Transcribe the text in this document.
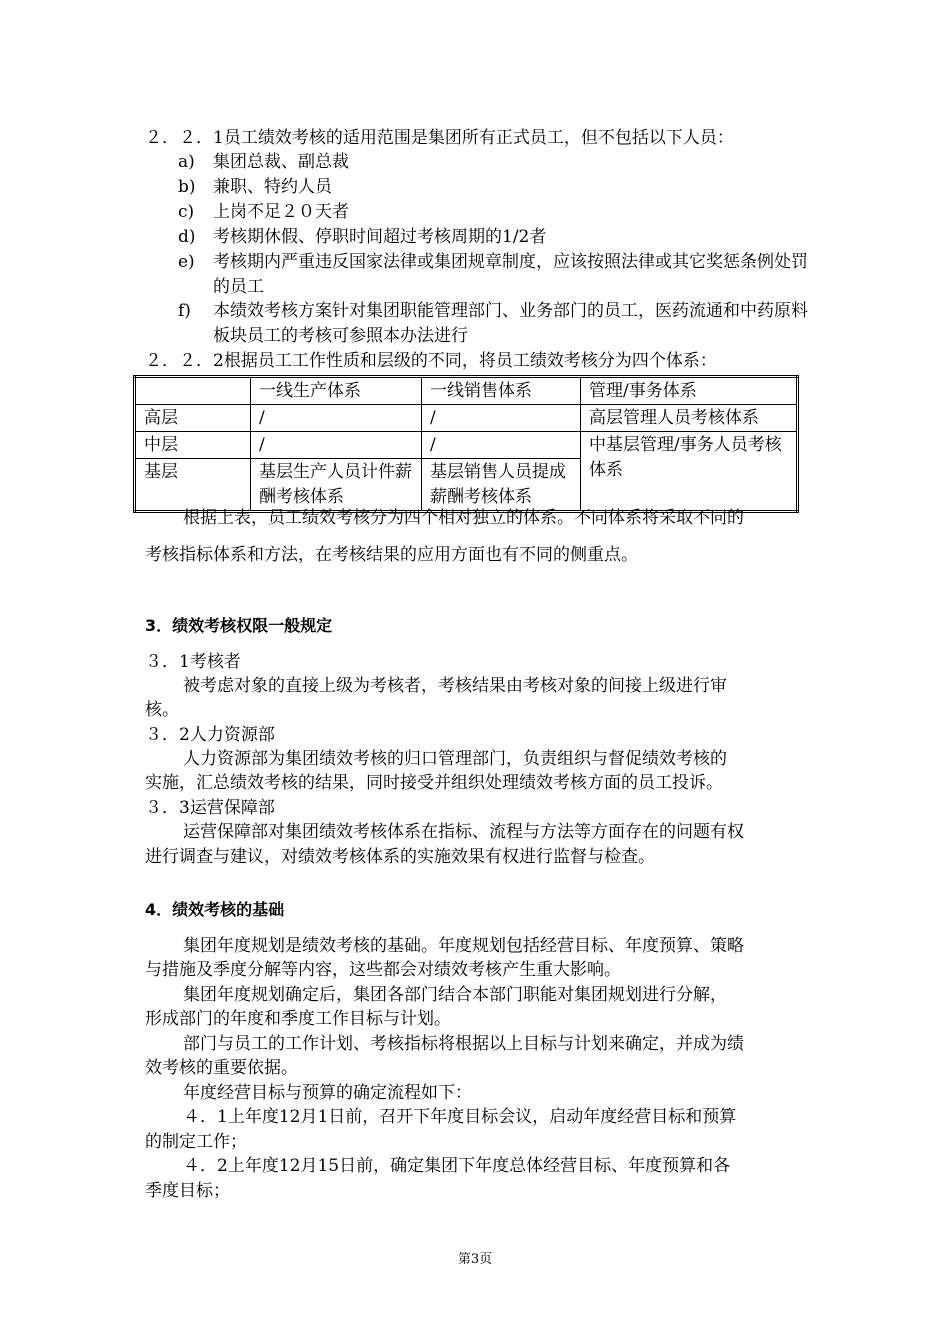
２．２．1员工绩效考核的适用范围是集团所有正式员工，但不包括以下人员：
a) 集团总裁、副总裁
b) 兼职、特约人员
c) 上岗不足２０天者
d) 考核期休假、停职时间超过考核周期的1/2者
e) 考核期内严重违反国家法律或集团规章制度，应该按照法律或其它奖惩条例处罚的员工
f) 本绩效考核方案针对集团职能管理部门、业务部门的员工，医药流通和中药原料板块员工的考核可参照本办法进行
２．２．2根据员工工作性质和层级的不同，将员工绩效考核分为四个体系：
	一线生产体系	一线销售体系	管理/事务体系
高层	/	/	高层管理人员考核体系
中层	/	/	中基层管理/事务人员考核体系
基层	基层生产人员计件薪酬考核体系	基层销售人员提成薪酬考核体系	
根据上表，员工绩效考核分为四个相对独立的体系。不同体系将采取不同的
考核指标体系和方法，在考核结果的应用方面也有不同的侧重点。
3．绩效考核权限一般规定
３．1考核者
被考虑对象的直接上级为考核者，考核结果由考核对象的间接上级进行审
核。
３．2人力资源部
人力资源部为集团绩效考核的归口管理部门，负责组织与督促绩效考核的
实施，汇总绩效考核的结果，同时接受并组织处理绩效考核方面的员工投诉。
３．3运营保障部
运营保障部对集团绩效考核体系在指标、流程与方法等方面存在的问题有权
进行调查与建议，对绩效考核体系的实施效果有权进行监督与检查。
4．绩效考核的基础
集团年度规划是绩效考核的基础。年度规划包括经营目标、年度预算、策略
与措施及季度分解等内容，这些都会对绩效考核产生重大影响。
集团年度规划确定后，集团各部门结合本部门职能对集团规划进行分解，
形成部门的年度和季度工作目标与计划。
部门与员工的工作计划、考核指标将根据以上目标与计划来确定，并成为绩
效考核的重要依据。
年度经营目标与预算的确定流程如下：
４．1上年度12月1日前，召开下年度目标会议，启动年度经营目标和预算
的制定工作；
４．2上年度12月15日前，确定集团下年度总体经营目标、年度预算和各
季度目标；
第3页
